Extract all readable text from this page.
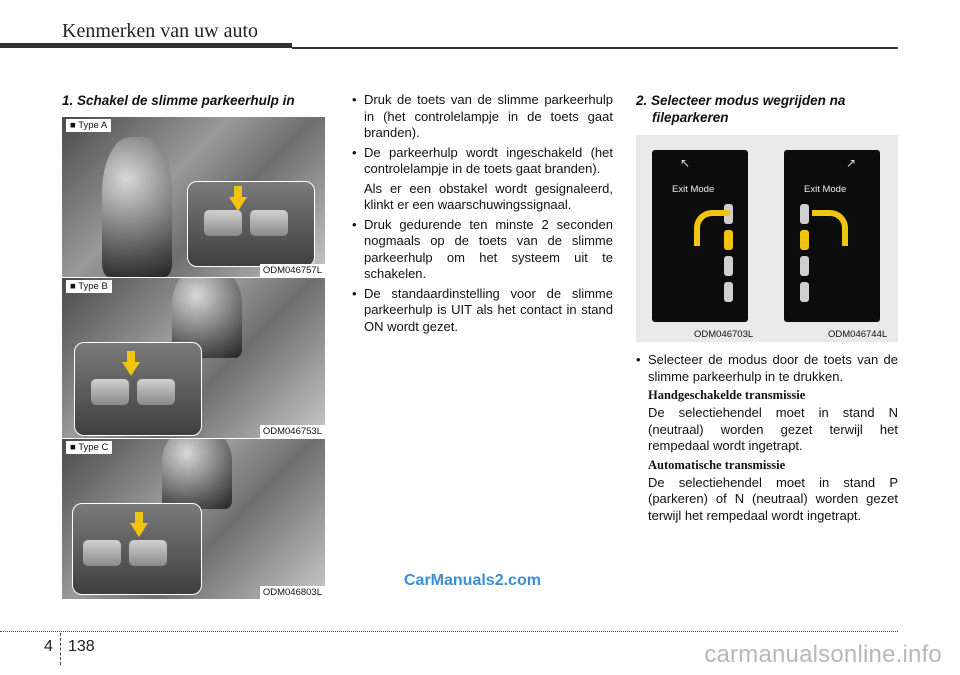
Kenmerken van uw auto
1. Schakel de slimme parkeerhulp in
■ Type A
ODM046757L
■ Type B
ODM046753L
■ Type C
ODM046803L
• Druk de toets van de slimme parkeerhulp in (het controlelampje in de toets gaat branden).
• De parkeerhulp wordt ingeschakeld (het controlelampje in de toets gaat branden).
Als er een obstakel wordt gesignaleerd, klinkt er een waarschuwingssignaal.
• Druk gedurende ten minste 2 seconden nogmaals op de toets van de slimme parkeerhulp om het systeem uit te schakelen.
• De standaardinstelling voor de slimme parkeerhulp is UIT als het contact in stand ON wordt gezet.
2. Selecteer modus wegrijden na
fileparkeren
↖
Exit Mode
↗
Exit Mode
ODM046703L	ODM046744L
• Selecteer de modus door de toets van de slimme parkeerhulp in te drukken.
Handgeschakelde transmissie
De selectiehendel moet in stand N (neutraal) worden gezet terwijl het rempedaal wordt ingetrapt.
Automatische transmissie
De selectiehendel moet in stand P (parkeren) of N (neutraal) worden gezet terwijl het rempedaal wordt ingetrapt.
CarManuals2.com
4 138	carmanualsonline.info
